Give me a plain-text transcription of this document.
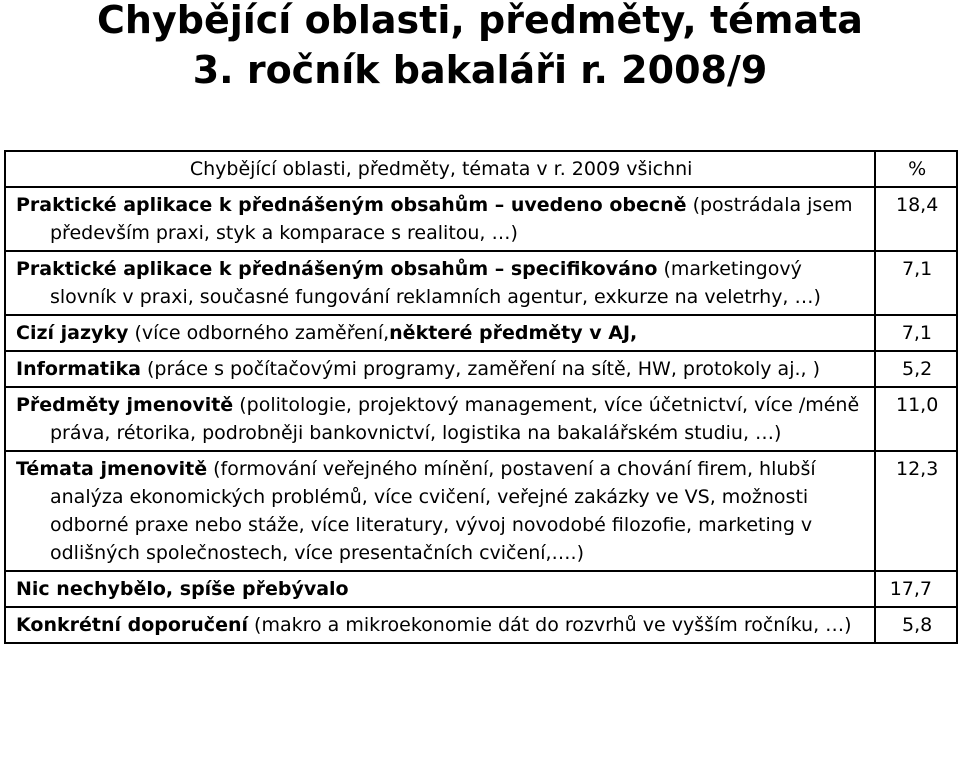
Chybějící oblasti, předměty, témata
3. ročník bakaláři r. 2008/9
Chybějící oblasti, předměty, témata v r. 2009 všichni	%

Praktické aplikace k přednášeným obsahům – uvedeno obecně (postrádala jsem především praxi, styk a komparace s realitou, …)	18,4

Praktické aplikace k přednášeným obsahům – specifikováno (marketingový slovník v praxi, současné fungování reklamních agentur, exkurze na veletrhy, …)	7,1

Cizí jazyky (více odborného zaměření,některé předměty v AJ,	7,1

Informatika (práce s počítačovými programy, zaměření na sítě, HW, protokoly aj., )	5,2

Předměty jmenovitě (politologie, projektový management, více účetnictví, více /méně práva, rétorika, podrobněji bankovnictví, logistika na bakalářském studiu, …)	11,0

Témata jmenovitě (formování veřejného mínění, postavení a chování firem, hlubší analýza ekonomických problémů, více cvičení, veřejné zakázky ve VS, možnosti odborné praxe nebo stáže, více literatury, vývoj novodobé filozofie, marketing v odlišných společnostech, více presentačních cvičení,….)	12,3

Nic nechybělo, spíše přebývalo	17,7

Konkrétní doporučení (makro a mikroekonomie dát do rozvrhů ve vyšším ročníku, …)	5,8
